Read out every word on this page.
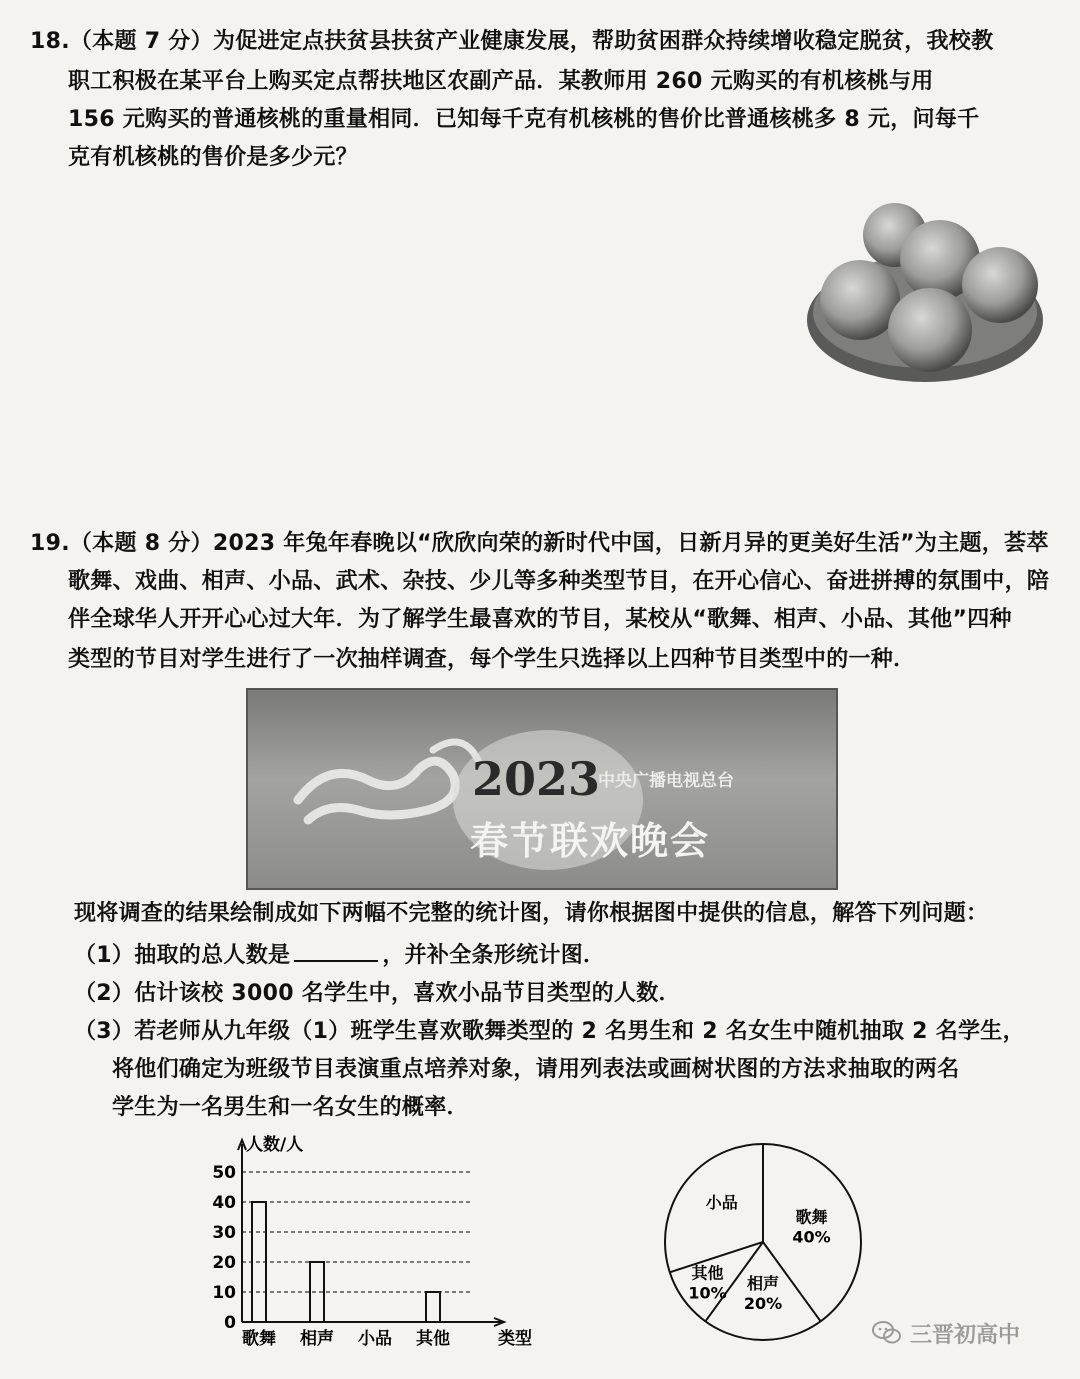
18.（本题 7 分）为促进定点扶贫县扶贫产业健康发展，帮助贫困群众持续增收稳定脱贫，我校教
职工积极在某平台上购买定点帮扶地区农副产品．某教师用 260 元购买的有机核桃与用
156 元购买的普通核桃的重量相同．已知每千克有机核桃的售价比普通核桃多 8 元，问每千
克有机核桃的售价是多少元？
19.（本题 8 分）2023 年兔年春晚以“欣欣向荣的新时代中国，日新月异的更美好生活”为主题，荟萃
歌舞、戏曲、相声、小品、武术、杂技、少儿等多种类型节目，在开心信心、奋进拼搏的氛围中，陪
伴全球华人开开心心过大年．为了解学生最喜欢的节目，某校从“歌舞、相声、小品、其他”四种
类型的节目对学生进行了一次抽样调查，每个学生只选择以上四种节目类型中的一种．
2023
中央广播电视总台
春节联欢晚会
现将调查的结果绘制成如下两幅不完整的统计图，请你根据图中提供的信息，解答下列问题：
（1）抽取的总人数是	，并补全条形统计图．
（2）估计该校 3000 名学生中，喜欢小品节目类型的人数．
（3）若老师从九年级（1）班学生喜欢歌舞类型的 2 名男生和 2 名女生中随机抽取 2 名学生，
将他们确定为班级节目表演重点培养对象，请用列表法或画树状图的方法求抽取的两名
学生为一名男生和一名女生的概率．
0
10
20
30
40
50
人数/人
类型
歌舞 相声 小品 其他
歌舞
40%
相声
20%
其他
10%
小品
三晋初高中
